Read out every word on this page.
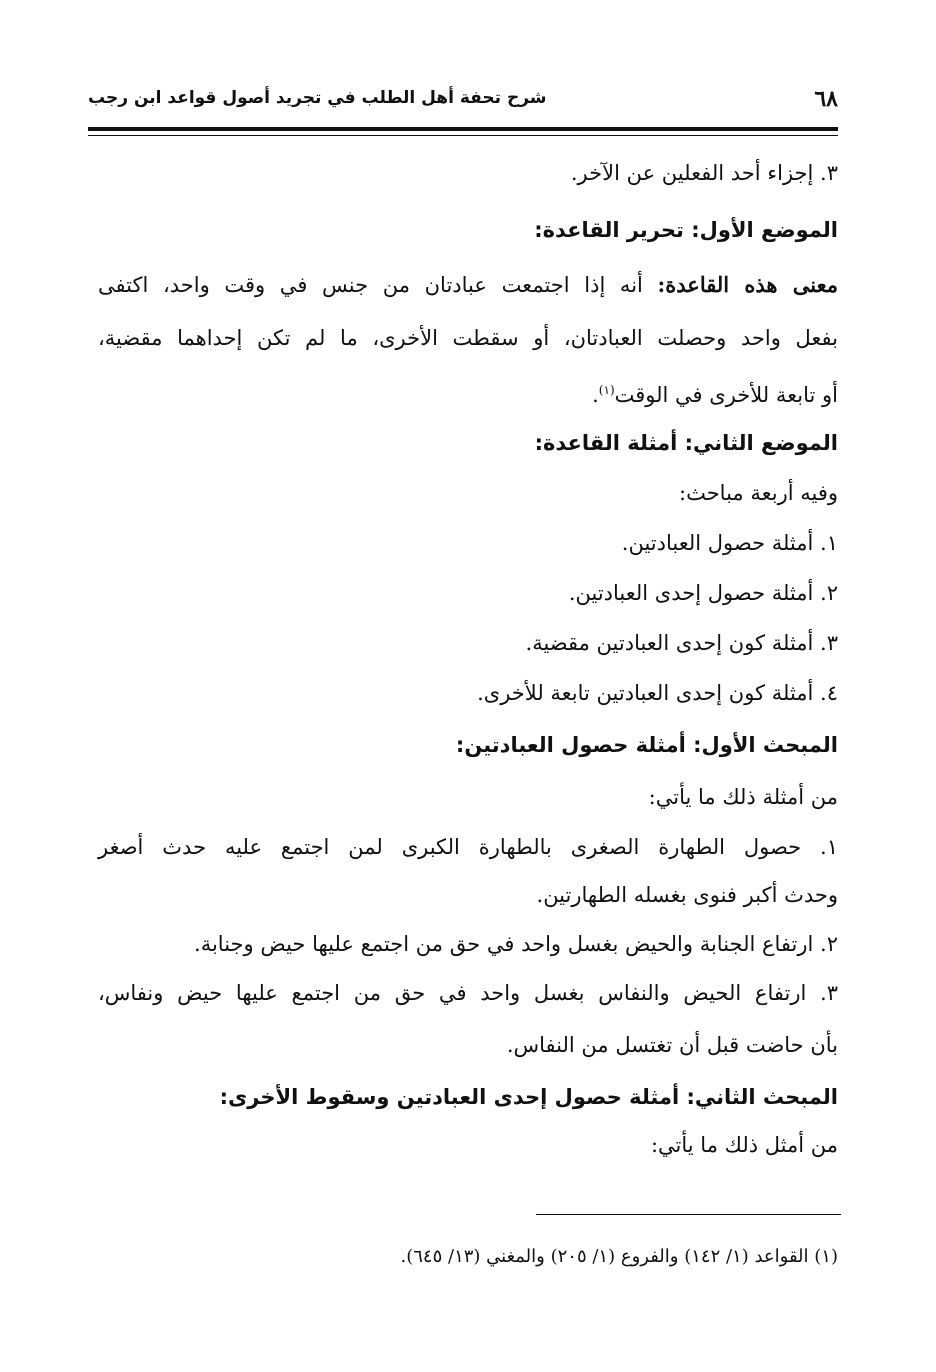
٦٨
شرح تحفة أهل الطلب في تجريد أصول قواعد ابن رجب
٣. إجزاء أحد الفعلين عن الآخر.
الموضع الأول: تحرير القاعدة:
معنى هذه القاعدة: أنه إذا اجتمعت عبادتان من جنس في وقت واحد، اكتفى
بفعل واحد وحصلت العبادتان، أو سقطت الأخرى، ما لم تكن إحداهما مقضية،
أو تابعة للأخرى في الوقت$^{(١)}$.
الموضع الثاني: أمثلة القاعدة:
وفيه أربعة مباحث:
١. أمثلة حصول العبادتين.
٢. أمثلة حصول إحدى العبادتين.
٣. أمثلة كون إحدى العبادتين مقضية.
٤. أمثلة كون إحدى العبادتين تابعة للأخرى.
المبحث الأول: أمثلة حصول العبادتين:
من أمثلة ذلك ما يأتي:
١. حصول الطهارة الصغرى بالطهارة الكبرى لمن اجتمع عليه حدث أصغر
وحدث أكبر فنوى بغسله الطهارتين.
٢. ارتفاع الجنابة والحيض بغسل واحد في حق من اجتمع عليها حيض وجنابة.
٣. ارتفاع الحيض والنفاس بغسل واحد في حق من اجتمع عليها حيض ونفاس،
بأن حاضت قبل أن تغتسل من النفاس.
المبحث الثاني: أمثلة حصول إحدى العبادتين وسقوط الأخرى:
من أمثل ذلك ما يأتي:
(١) القواعد (١/ ١٤٢) والفروع (١/ ٢٠٥) والمغني (١٣/ ٦٤٥).
